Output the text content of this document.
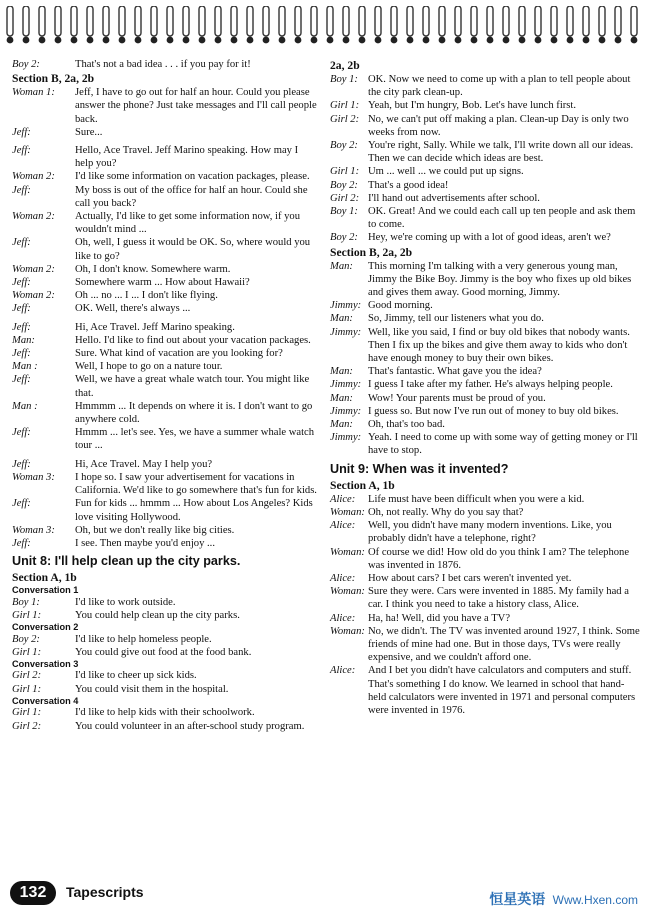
Boy 2:	That's not a bad idea . . . if you pay for it!
Section B, 2a, 2b
Woman 1:	Jeff, I have to go out for half an hour. Could you please answer the phone? Just take messages and I'll call people back.
Jeff:	Sure...
Jeff:	Hello, Ace Travel. Jeff Marino speaking. How may I help you?
Woman 2:	I'd like some information on vacation packages, please.
Jeff:	My boss is out of the office for half an hour. Could she call you back?
Woman 2:	Actually, I'd like to get some information now, if you wouldn't mind ...
Jeff:	Oh, well, I guess it would be OK. So, where would you like to go?
Woman 2:	Oh, I don't know. Somewhere warm.
Jeff:	Somewhere warm ... How about Hawaii?
Woman 2:	Oh ... no ... I ... I don't like flying.
Jeff:	OK. Well, there's always ...
Jeff:	Hi, Ace Travel. Jeff Marino speaking.
Man:	Hello. I'd like to find out about your vacation packages.
Jeff:	Sure. What kind of vacation are you looking for?
Man :	Well, I hope to go on a nature tour.
Jeff:	Well, we have a great whale watch tour. You might like that.
Man :	Hmmmm ... It depends on where it is. I don't want to go anywhere cold.
Jeff:	Hmmm ... let's see. Yes, we have a summer whale watch tour ...
Jeff:	Hi, Ace Travel. May I help you?
Woman 3:	I hope so. I saw your advertisement for vacations in California. We'd like to go somewhere that's fun for kids.
Jeff:	Fun for kids ... hmmm ... How about Los Angeles? Kids love visiting Hollywood.
Woman 3:	Oh, but we don't really like big cities.
Jeff:	I see. Then maybe you'd enjoy ...
Unit 8: I'll help clean up the city parks.
Section A, 1b
Conversation 1
Boy 1:	I'd like to work outside.
Girl 1:	You could help clean up the city parks.
Conversation 2
Boy 2:	I'd like to help homeless people.
Girl 1:	You could give out food at the food bank.
Conversation 3
Girl 2:	I'd like to cheer up sick kids.
Girl 1:	You could visit them in the hospital.
Conversation 4
Girl 1:	I'd like to help kids with their schoolwork.
Girl 2:	You could volunteer in an after-school study program.
2a, 2b
Boy 1: OK. Now we need to come up with a plan to tell people about the city park clean-up.
Girl 1: Yeah, but I'm hungry, Bob. Let's have lunch first.
Girl 2: No, we can't put off making a plan. Clean-up Day is only two weeks from now.
Boy 2: You're right, Sally. While we talk, I'll write down all our ideas. Then we can decide which ideas are best.
Girl 1: Um ... well ... we could put up signs.
Boy 2: That's a good idea!
Girl 2: I'll hand out advertisements after school.
Boy 1: OK. Great! And we could each call up ten people and ask them to come.
Boy 2: Hey, we're coming up with a lot of good ideas, aren't we?
Section B, 2a, 2b
Man:	This morning I'm talking with a very generous young man, Jimmy the Bike Boy. Jimmy is the boy who fixes up old bikes and gives them away. Good morning, Jimmy.
Jimmy: Good morning.
Man:	So, Jimmy, tell our listeners what you do.
Jimmy: Well, like you said, I find or buy old bikes that nobody wants. Then I fix up the bikes and give them away to kids who don't have enough money to buy their own bikes.
Man:	That's fantastic. What gave you the idea?
Jimmy: I guess I take after my father. He's always helping people.
Man:	Wow! Your parents must be proud of you.
Jimmy: I guess so. But now I've run out of money to buy old bikes.
Man:	Oh, that's too bad.
Jimmy: Yeah. I need to come up with some way of getting money or I'll have to stop.
Unit 9: When was it invented?
Section A, 1b
Alice:	Life must have been difficult when you were a kid.
Woman: Oh, not really. Why do you say that?
Alice:	Well, you didn't have many modern inventions. Like, you probably didn't have a telephone, right?
Woman: Of course we did! How old do you think I am? The telephone was invented in 1876.
Alice:	How about cars? I bet cars weren't invented yet.
Woman: Sure they were. Cars were invented in 1885. My family had a car. I think you need to take a history class, Alice.
Alice:	Ha, ha! Well, did you have a TV?
Woman: No, we didn't. The TV was invented around 1927, I think. Some friends of mine had one. But in those days, TVs were really expensive, and we couldn't afford one.
Alice:	And I bet you didn't have calculators and computers and stuff. That's something I do know. We learned in school that hand-held calculators were invented in 1971 and personal computers were invented in 1976.
132	Tapescripts	恒星英语 Www.Hxen.com
